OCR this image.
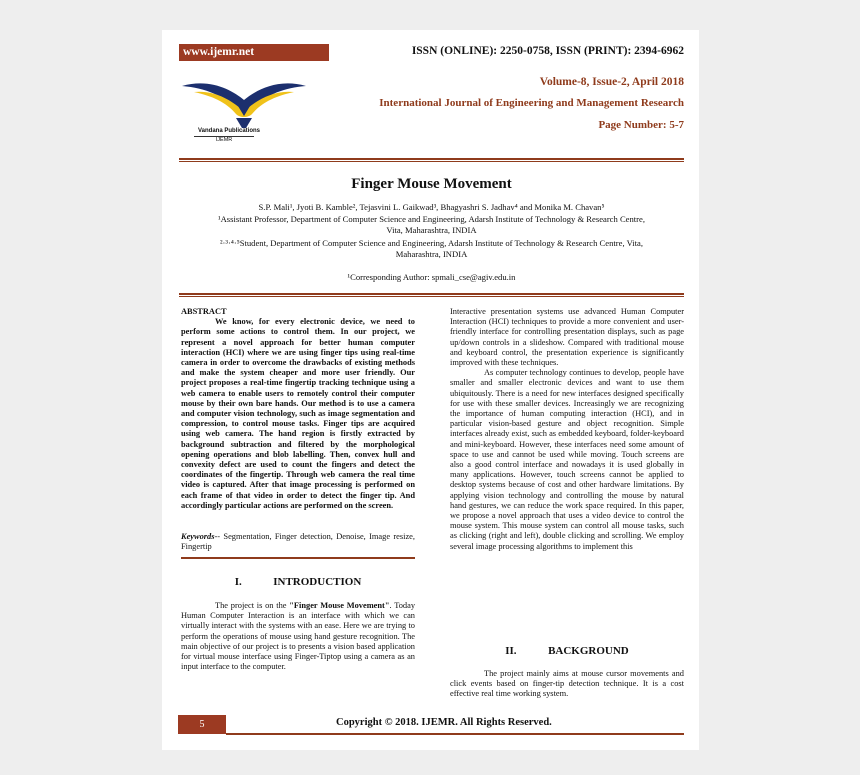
www.ijemr.net	ISSN (ONLINE): 2250-0758, ISSN (PRINT): 2394-6962
Vandana Publications
IJEMR
Volume-8, Issue-2, April 2018
International Journal of Engineering and Management Research
Page Number: 5-7
Finger Mouse Movement
S.P. Mali¹, Jyoti B. Kamble², Tejasvini L. Gaikwad³, Bhagyashri S. Jadhav⁴ and Monika M. Chavan⁵
¹Assistant Professor, Department of Computer Science and Engineering, Adarsh Institute of Technology & Research Centre,
Vita, Maharashtra, INDIA
²·³·⁴·⁵Student, Department of Computer Science and Engineering, Adarsh Institute of Technology & Research Centre, Vita,
Maharashtra, INDIA
¹Corresponding Author: spmali_cse@agiv.edu.in
ABSTRACT

We know, for every electronic device, we need to perform some actions to control them. In our project, we represent a novel approach for better human computer interaction (HCI) where we are using finger tips using real-time camera in order to overcome the drawbacks of existing methods and make the system cheaper and more user friendly. Our project proposes a real-time fingertip tracking technique using a web camera to enable users to remotely control their computer mouse by their own bare hands. Our method is to use a camera and computer vision technology, such as image segmentation and compression, to control mouse tasks. Finger tips are acquired using web camera. The hand region is firstly extracted by background subtraction and filtered by the morphological opening operations and blob labelling. Then, convex hull and convexity defect are used to count the fingers and detect the coordinates of the fingertip. Through web camera the real time video is captured. After that image processing is performed on each frame of that video in order to detect the finger tip. And accordingly particular actions are performed on the screen.

Keywords-- Segmentation, Finger detection, Denoise, Image resize, Fingertip
I.	INTRODUCTION

The project is on the "Finger Mouse Movement". Today Human Computer Interaction is an interface with which we can virtually interact with the systems with an ease. Here we are trying to perform the operations of mouse using hand gesture recognition. The main objective of our project is to presents a vision based application for virtual mouse interface using Finger-Tiptop using a camera as an input interface to the computer.

Interactive presentation systems use advanced Human Computer Interaction (HCI) techniques to provide a more convenient and user-friendly interface for controlling presentation displays, such as page up/down controls in a slideshow. Compared with traditional mouse and keyboard control, the presentation experience is significantly improved with these techniques.

As computer technology continues to develop, people have smaller and smaller electronic devices and want to use them ubiquitously. There is a need for new interfaces designed specifically for use with these smaller devices. Increasingly we are recognizing the importance of human computing interaction (HCI), and in particular vision-based gesture and object recognition. Simple interfaces already exist, such as embedded keyboard, folder-keyboard and mini-keyboard. However, these interfaces need some amount of space to use and cannot be used while moving. Touch screens are also a good control interface and nowadays it is used globally in many applications. However, touch screens cannot be applied to desktop systems because of cost and other hardware limitations. By applying vision technology and controlling the mouse by natural hand gestures, we can reduce the work space required. In this paper, we propose a novel approach that uses a video device to control the mouse system. This mouse system can control all mouse tasks, such as clicking (right and left), double clicking and scrolling. We employ several image processing algorithms to implement this

II.	BACKGROUND

The project mainly aims at mouse cursor movements and click events based on finger-tip detection technique. It is a cost effective real time working system.

5	Copyright © 2018. IJEMR. All Rights Reserved.
